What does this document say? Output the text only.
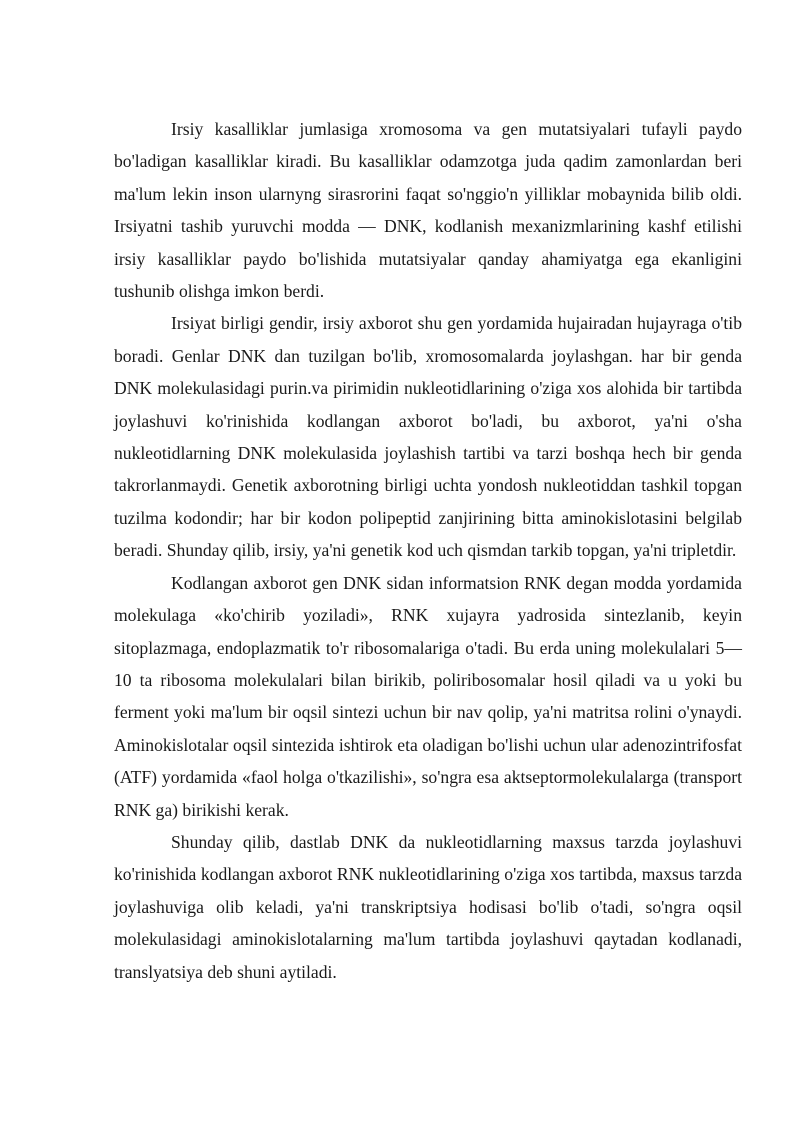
Irsiy kasalliklar jumlasiga xromosoma va gen mutatsiyalari tufayli paydo bo'ladigan kasalliklar kiradi. Bu kasalliklar odamzotga juda qadim zamonlardan beri ma'lum lekin inson ularnyng sirasrorini faqat so'nggio'n yilliklar mobaynida bilib oldi. Irsiyatni tashib yuruvchi modda — DNK, kodlanish mexanizmlarining kashf etilishi irsiy kasalliklar paydo bo'lishida mutatsiyalar qanday ahamiyatga ega ekanligini tushunib olishga imkon berdi.

Irsiyat birligi gendir, irsiy axborot shu gen yordamida hujairadan hujayraga o'tib boradi. Genlar DNK dan tuzilgan bo'lib, xromosomalarda joylashgan. har bir genda DNK molekulasidagi purin.va pirimidin nukleotidlarining o'ziga xos alohida bir tartibda joylashuvi ko'rinishida kodlangan axborot bo'ladi, bu axborot, ya'ni o'sha nukleotidlarning DNK molekulasida joylashish tartibi va tarzi boshqa hech bir genda takrorlanmaydi. Genetik axborotning birligi uchta yondosh nukleotiddan tashkil topgan tuzilma kodondir; har bir kodon polipeptid zanjirining bitta aminokislotasini belgilab beradi. Shunday qilib, irsiy, ya'ni genetik kod uch qismdan tarkib topgan, ya'ni tripletdir.

Kodlangan axborot gen DNK sidan informatsion RNK degan modda yordamida molekulaga «ko'chirib yoziladi», RNK xujayra yadrosida sintezlanib, keyin sitoplazmaga, endoplazmatik to'r ribosomalariga o'tadi. Bu erda uning molekulalari 5—10 ta ribosoma molekulalari bilan birikib, poliribosomalar hosil qiladi va u yoki bu ferment yoki ma'lum bir oqsil sintezi uchun bir nav qolip, ya'ni matritsa rolini o'ynaydi. Aminokislotalar oqsil sintezida ishtirok eta oladigan bo'lishi uchun ular adenozintrifosfat (ATF) yordamida «faol holga o'tkazilishi», so'ngra esa aktseptormolekulalarga (transport RNK ga) birikishi kerak.

Shunday qilib, dastlab DNK da nukleotidlarning maxsus tarzda joylashuvi ko'rinishida kodlangan axborot RNK nukleotidlarining o'ziga xos tartibda, maxsus tarzda joylashuviga olib keladi, ya'ni transkriptsiya hodisasi bo'lib o'tadi, so'ngra oqsil molekulasidagi aminokislotalarning ma'lum tartibda joylashuvi qaytadan kodlanadi, translyatsiya deb shuni aytiladi.
